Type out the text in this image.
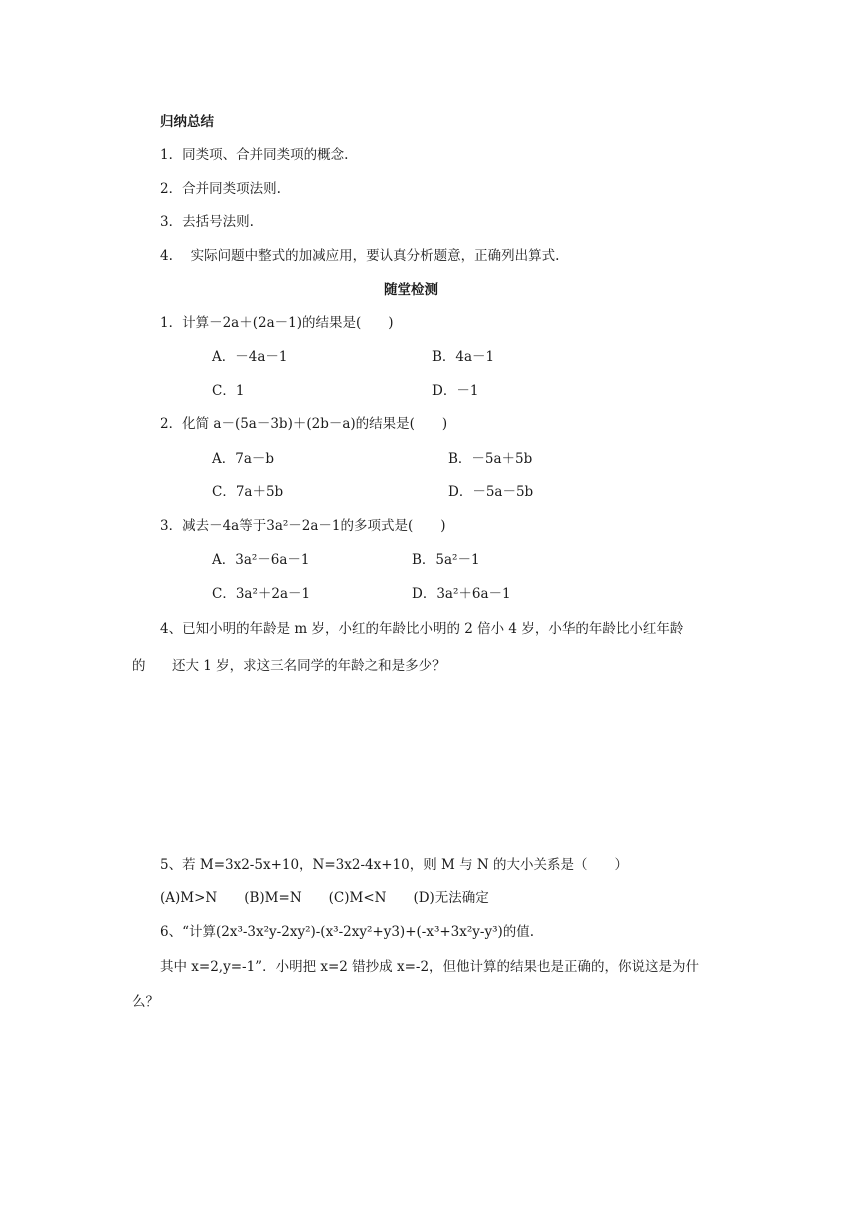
归纳总结
1．同类项、合并同类项的概念.
2．合并同类项法则.
3．去括号法则.
4.　 实际问题中整式的加减应用，要认真分析题意，正确列出算式.
随堂检测
1．计算－2a＋(2a－1)的结果是(　　)
A．－4a－1	B．4a－1
C．1	D．－1
2．化简 a－(5a－3b)＋(2b－a)的结果是(　　)
A．7a－b	B．－5a＋5b
C．7a＋5b	D．－5a－5b
3．减去－4a等于3a²－2a－1的多项式是(　　)
A．3a²－6a－1	B．5a²－1
C．3a²＋2a－1	D．3a²＋6a－1
4、已知小明的年龄是 m 岁，小红的年龄比小明的 2 倍小 4 岁，小华的年龄比小红年龄
的 还大 1 岁，求这三名同学的年龄之和是多少？
5、若 M=3x2-5x+10，N=3x2-4x+10，则 M 与 N 的大小关系是（　　）
(A)M>N　　(B)M=N　　(C)M<N　　(D)无法确定
6、“计算(2x³-3x²y-2xy²)-(x³-2xy²+y3)+(-x³+3x²y-y³)的值.
其中 x=2,y=-1”．小明把 x=2 错抄成 x=-2，但他计算的结果也是正确的，你说这是为什
么？
